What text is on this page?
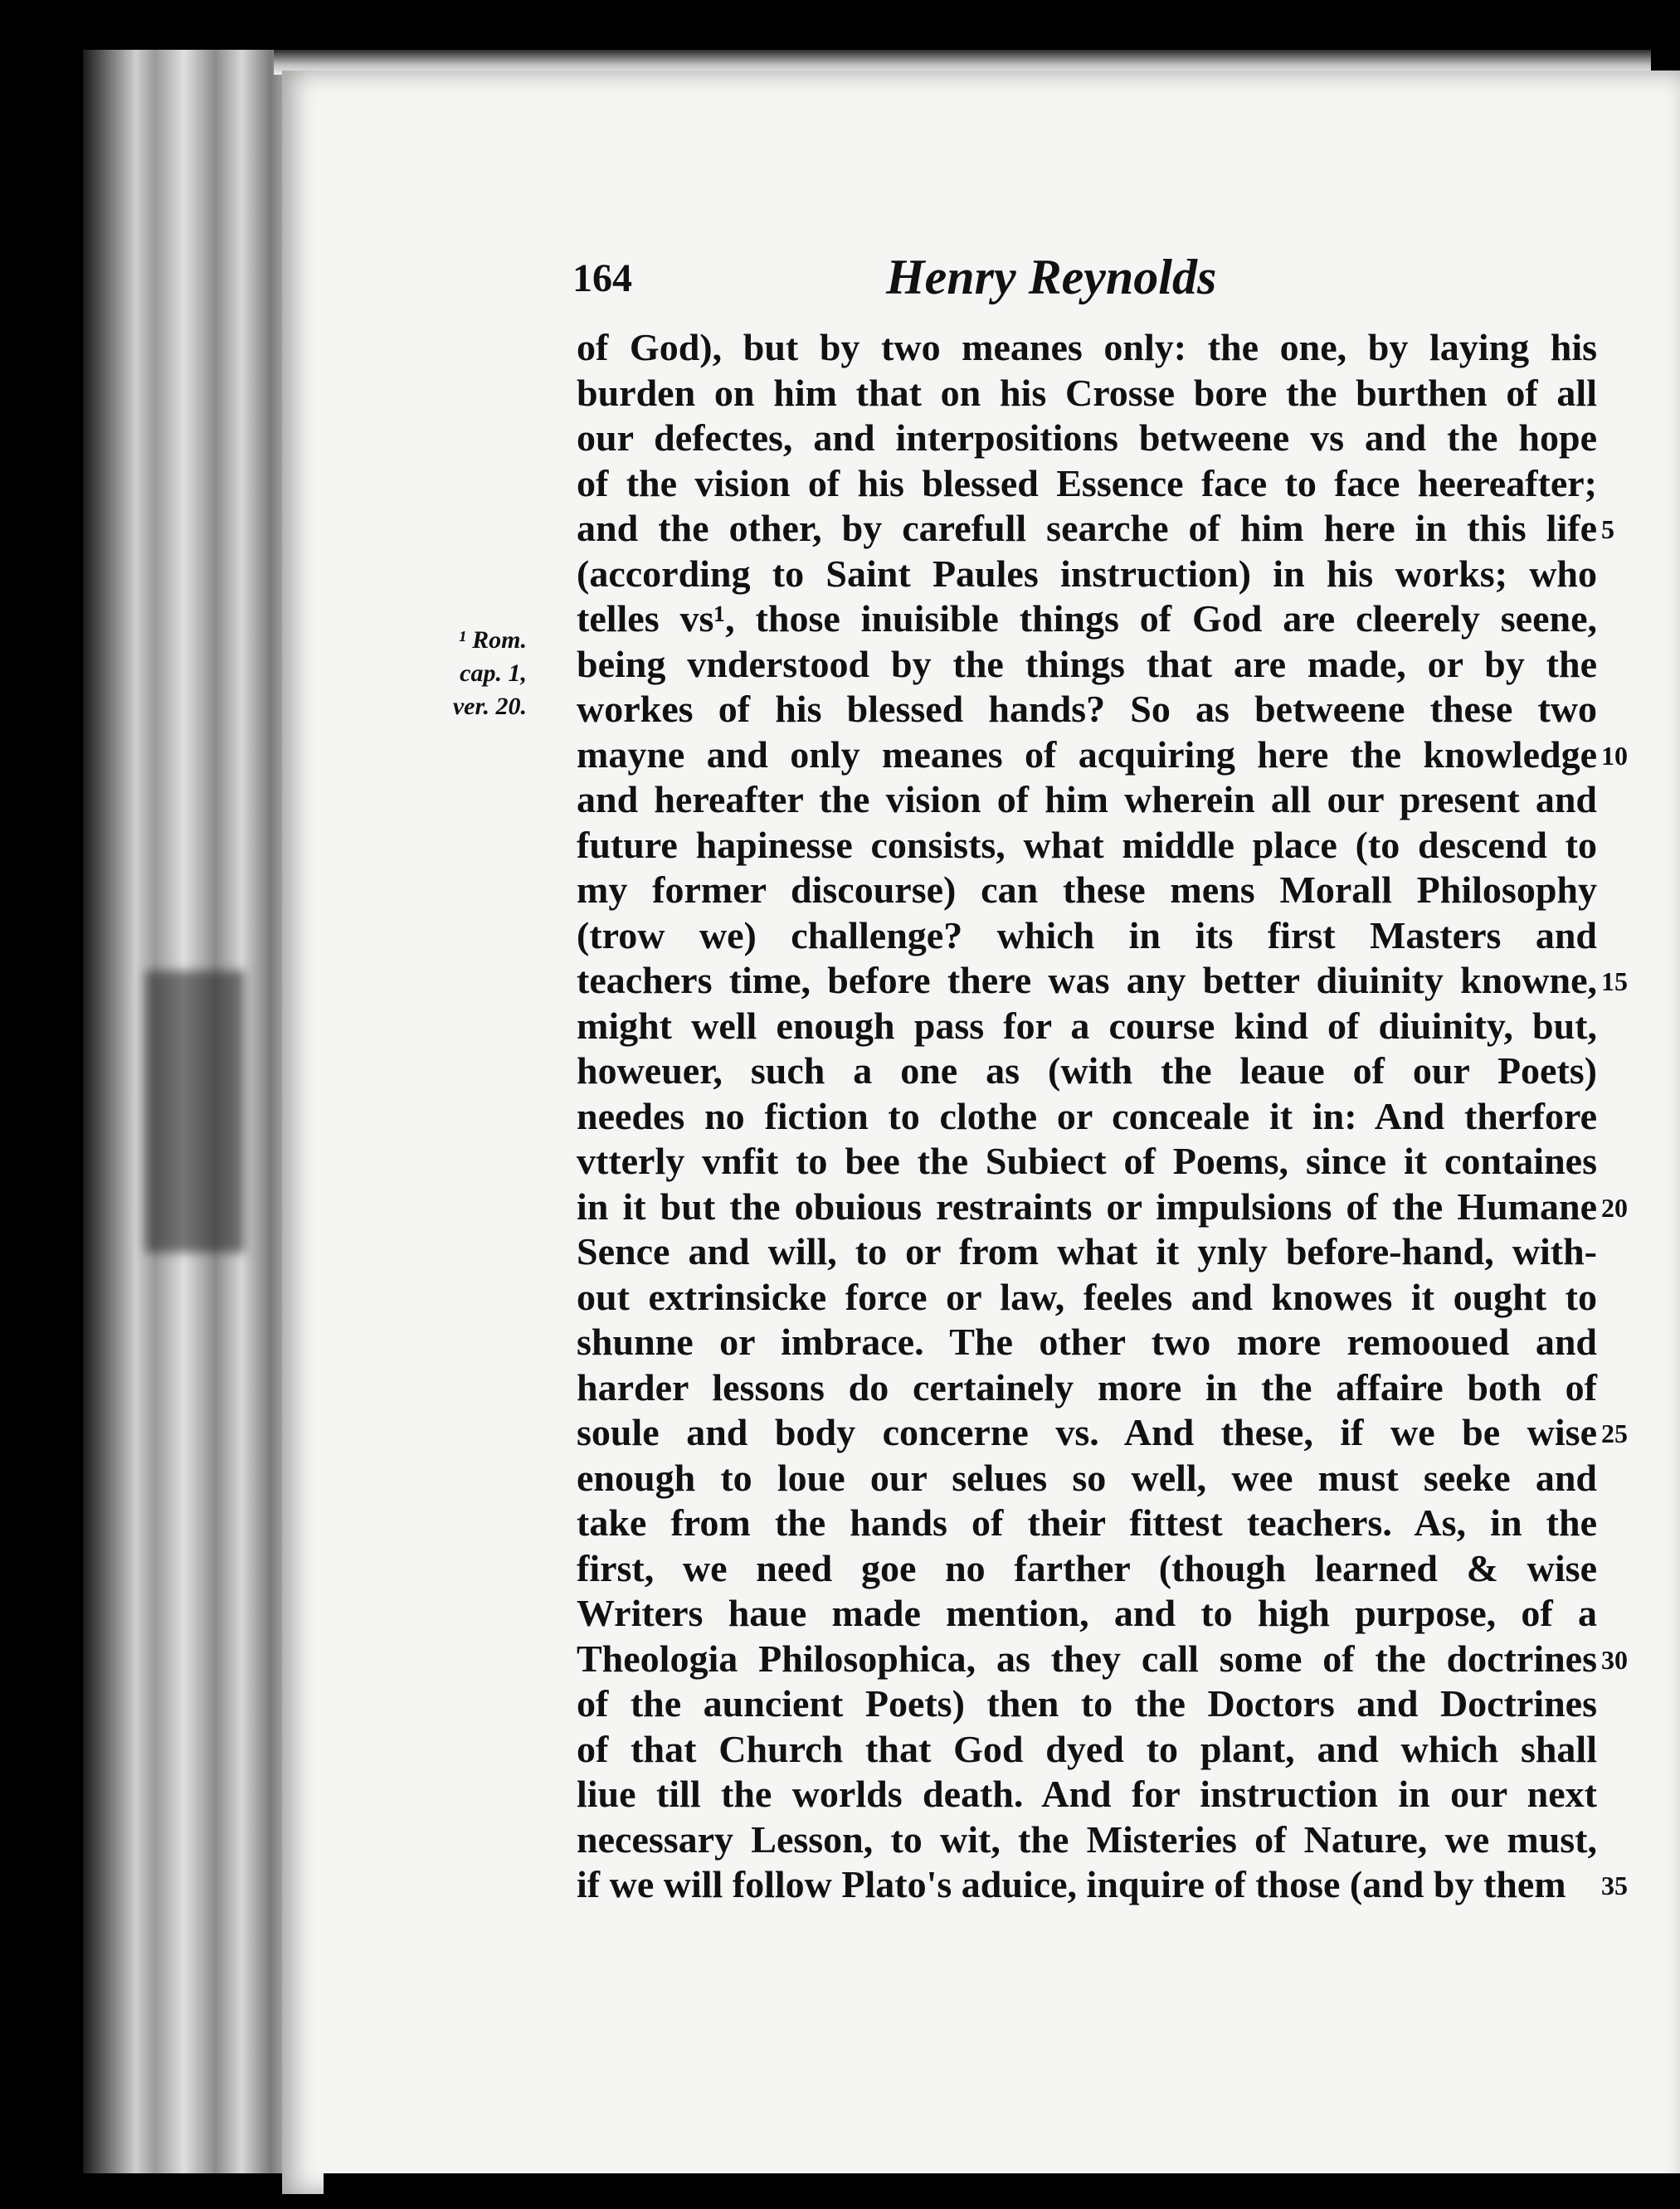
164	Henry Reynolds
¹ Rom.
cap. 1,
ver. 20.
of God), but by two meanes only: the one, by laying his
burden on him that on his Crosse bore the burthen of all
our defectes, and interpositions betweene vs and the hope
of the vision of his blessed Essence face to face heereafter;
and the other, by carefull searche of him here in this life
(according to Saint Paules instruction) in his works; who
telles vs¹, those inuisible things of God are cleerely seene,
being vnderstood by the things that are made, or by the
workes of his blessed hands? So as betweene these two
mayne and only meanes of acquiring here the knowledge
and hereafter the vision of him wherein all our present and
future hapinesse consists, what middle place (to descend to
my former discourse) can these mens Morall Philosophy
(trow we) challenge? which in its first Masters and
teachers time, before there was any better diuinity knowne,
might well enough pass for a course kind of diuinity, but,
howeuer, such a one as (with the leaue of our Poets)
needes no fiction to clothe or conceale it in: And therfore
vtterly vnfit to bee the Subiect of Poems, since it containes
in it but the obuious restraints or impulsions of the Humane
Sence and will, to or from what it ynly before-hand, with-
out extrinsicke force or law, feeles and knowes it ought to
shunne or imbrace. The other two more remooued and
harder lessons do certainely more in the affaire both of
soule and body concerne vs. And these, if we be wise
enough to loue our selues so well, wee must seeke and
take from the hands of their fittest teachers. As, in the
first, we need goe no farther (though learned & wise
Writers haue made mention, and to high purpose, of a
Theologia Philosophica, as they call some of the doctrines
of the auncient Poets) then to the Doctors and Doctrines
of that Church that God dyed to plant, and which shall
liue till the worlds death. And for instruction in our next
necessary Lesson, to wit, the Misteries of Nature, we must,
if we will follow Plato's aduice, inquire of those (and by them
5
10
15
20
25
30
35
